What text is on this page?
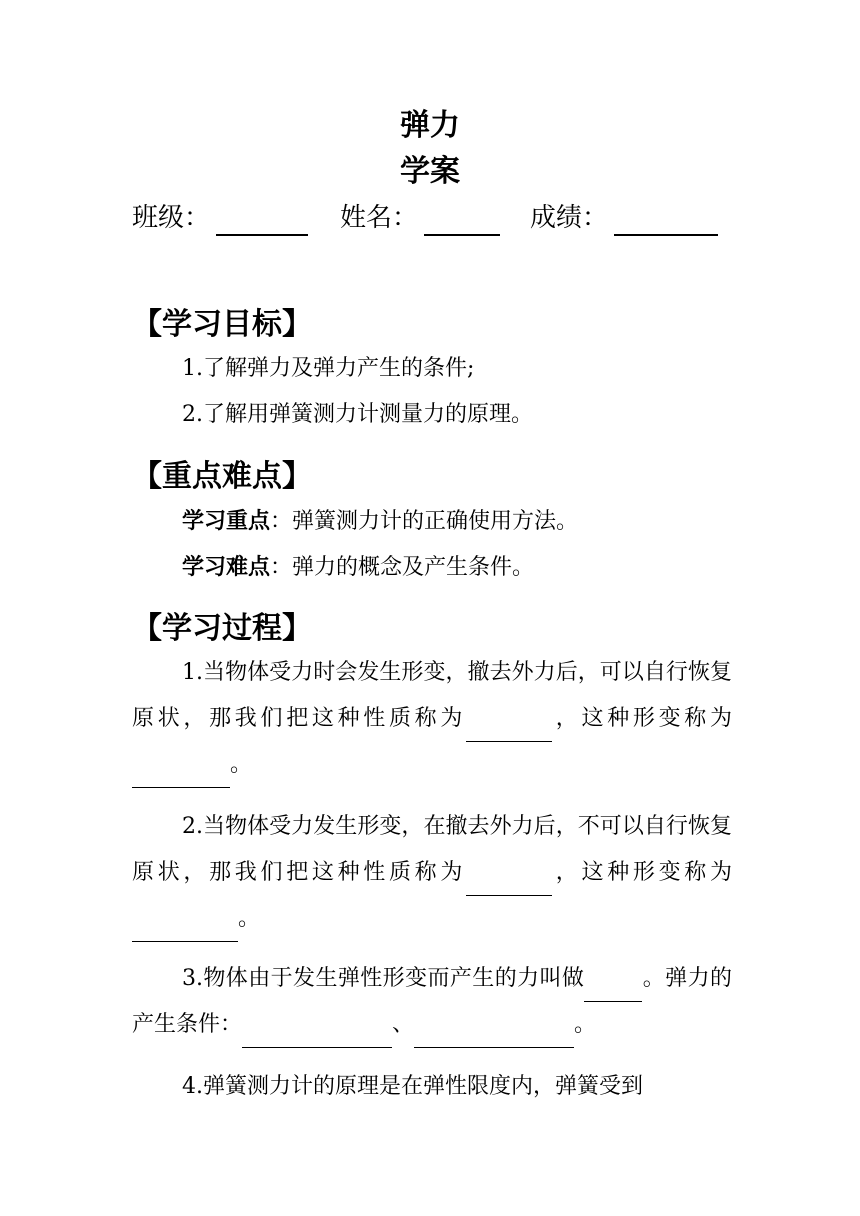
弹力
学案
班级：	姓名：	成绩：
【学习目标】
1.了解弹力及弹力产生的条件;
2.了解用弹簧测力计测量力的原理。
【重点难点】
学习重点：弹簧测力计的正确使用方法。
学习难点：弹力的概念及产生条件。
【学习过程】
1.当物体受力时会发生形变，撤去外力后，可以自行恢复原状，那我们把这种性质称为	，这种形变称为。
2.当物体受力发生形变，在撤去外力后，不可以自行恢复原状，那我们把这种性质称为	，这种形变称为。
3.物体由于发生弹性形变而产生的力叫做	。弹力的产生条件：	、	。
4.弹簧测力计的原理是在弹性限度内，弹簧受到
